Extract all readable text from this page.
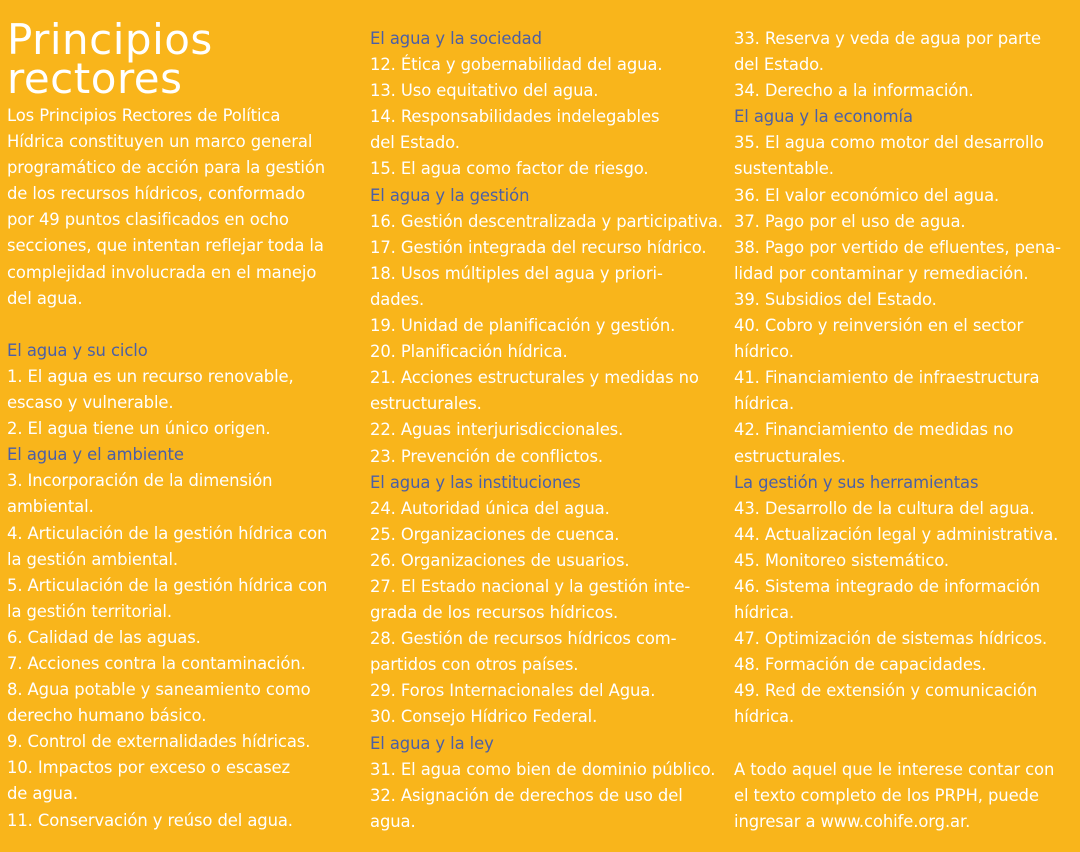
Principios
rectores
Los Principios Rectores de Política
Hídrica constituyen un marco general
programático de acción para la gestión
de los recursos hídricos, conformado
por 49 puntos clasificados en ocho
secciones, que intentan reflejar toda la
complejidad involucrada en el manejo
del agua.
El agua y su ciclo
1. El agua es un recurso renovable,
escaso y vulnerable.
2. El agua tiene un único origen.
El agua y el ambiente
3. Incorporación de la dimensión
ambiental.
4. Articulación de la gestión hídrica con
la gestión ambiental.
5. Articulación de la gestión hídrica con
la gestión territorial.
6. Calidad de las aguas.
7. Acciones contra la contaminación.
8. Agua potable y saneamiento como
derecho humano básico.
9. Control de externalidades hídricas.
10. Impactos por exceso o escasez
de agua.
11. Conservación y reúso del agua.
El agua y la sociedad
12. Ética y gobernabilidad del agua.
13. Uso equitativo del agua.
14. Responsabilidades indelegables
del Estado.
15. El agua como factor de riesgo.
El agua y la gestión
16. Gestión descentralizada y participativa.
17. Gestión integrada del recurso hídrico.
18. Usos múltiples del agua y priori-
dades.
19. Unidad de planificación y gestión.
20. Planificación hídrica.
21. Acciones estructurales y medidas no
estructurales.
22. Aguas interjurisdiccionales.
23. Prevención de conflictos.
El agua y las instituciones
24. Autoridad única del agua.
25. Organizaciones de cuenca.
26. Organizaciones de usuarios.
27. El Estado nacional y la gestión inte-
grada de los recursos hídricos.
28. Gestión de recursos hídricos com-
partidos con otros países.
29. Foros Internacionales del Agua.
30. Consejo Hídrico Federal.
El agua y la ley
31. El agua como bien de dominio público.
32. Asignación de derechos de uso del
agua.
33. Reserva y veda de agua por parte
del Estado.
34. Derecho a la información.
El agua y la economía
35. El agua como motor del desarrollo
sustentable.
36. El valor económico del agua.
37. Pago por el uso de agua.
38. Pago por vertido de efluentes, pena-
lidad por contaminar y remediación.
39. Subsidios del Estado.
40. Cobro y reinversión en el sector
hídrico.
41. Financiamiento de infraestructura
hídrica.
42. Financiamiento de medidas no
estructurales.
La gestión y sus herramientas
43. Desarrollo de la cultura del agua.
44. Actualización legal y administrativa.
45. Monitoreo sistemático.
46. Sistema integrado de información
hídrica.
47. Optimización de sistemas hídricos.
48. Formación de capacidades.
49. Red de extensión y comunicación
hídrica.
A todo aquel que le interese contar con
el texto completo de los PRPH, puede
ingresar a www.cohife.org.ar.
